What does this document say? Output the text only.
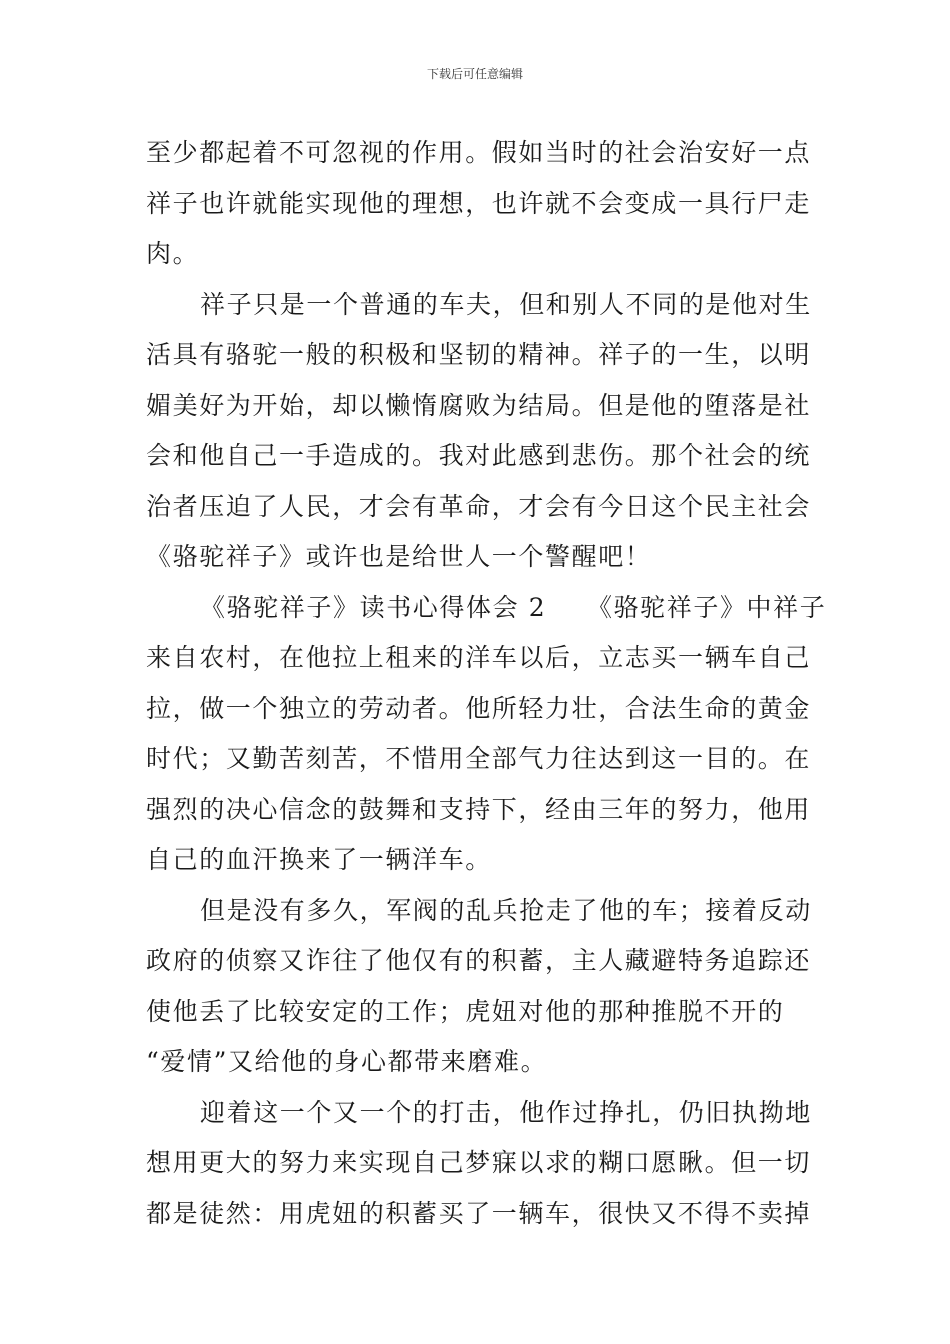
下载后可任意编辑
至少都起着不可忽视的作用。假如当时的社会治安好一点
祥子也许就能实现他的理想，也许就不会变成一具行尸走
肉。
祥子只是一个普通的车夫，但和别人不同的是他对生
活具有骆驼一般的积极和坚韧的精神。祥子的一生，以明
媚美好为开始，却以懒惰腐败为结局。但是他的堕落是社
会和他自己一手造成的。我对此感到悲伤。那个社会的统
治者压迫了人民，才会有革命，才会有今日这个民主社会
《骆驼祥子》或许也是给世人一个警醒吧！
《骆驼祥子》读书心得体会 2　　《骆驼祥子》中祥子
来自农村，在他拉上租来的洋车以后，立志买一辆车自己
拉，做一个独立的劳动者。他所轻力壮，合法生命的黄金
时代；又勤苦刻苦，不惜用全部气力往达到这一目的。在
强烈的决心信念的鼓舞和支持下，经由三年的努力，他用
自己的血汗换来了一辆洋车。
但是没有多久，军阀的乱兵抢走了他的车；接着反动
政府的侦察又诈往了他仅有的积蓄，主人藏避特务追踪还
使他丢了比较安定的工作；虎妞对他的那种推脱不开的
“爱情”又给他的身心都带来磨难。
迎着这一个又一个的打击，他作过挣扎，仍旧执拗地
想用更大的努力来实现自己梦寐以求的糊口愿瞅。但一切
都是徒然：用虎妞的积蓄买了一辆车，很快又不得不卖掉
